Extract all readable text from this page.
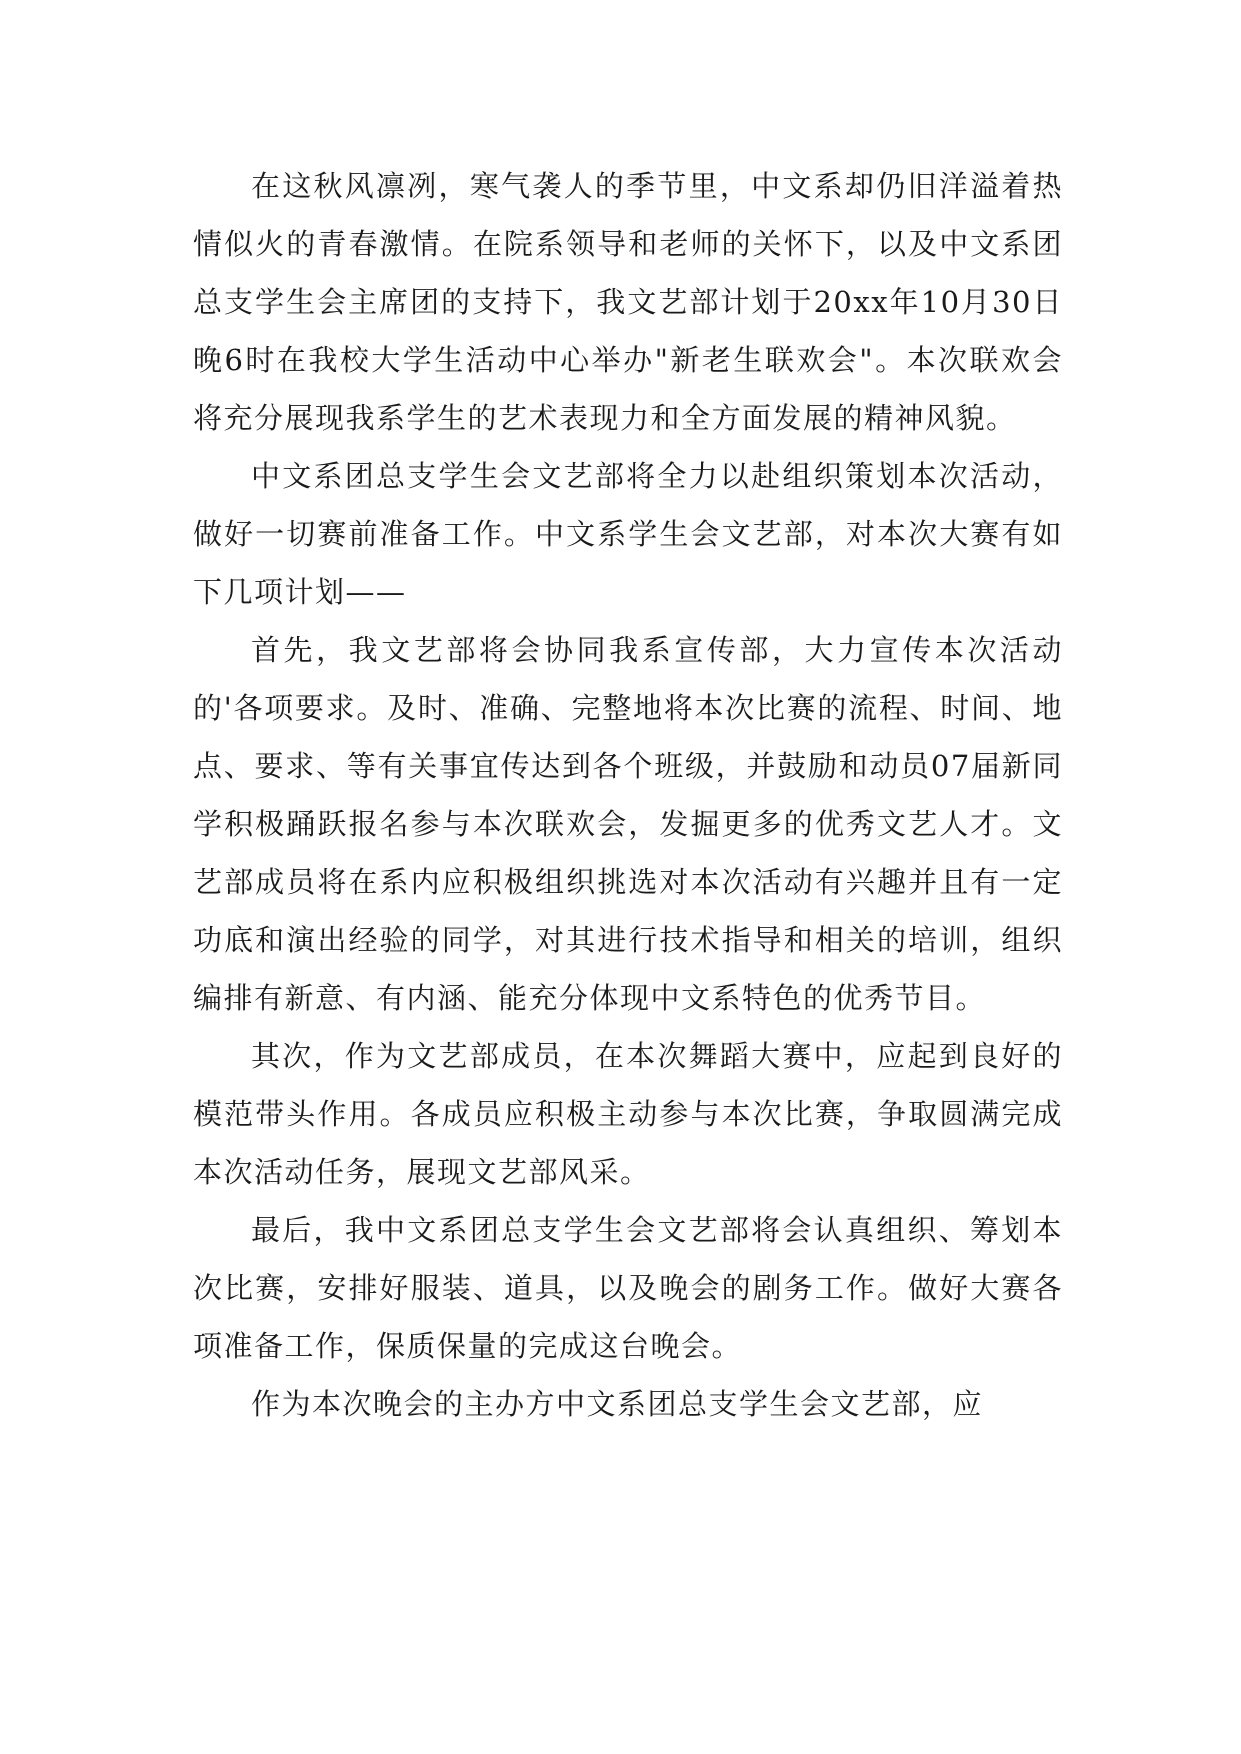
在这秋风凛冽，寒气袭人的季节里，中文系却仍旧洋溢着热情似火的青春激情。在院系领导和老师的关怀下，以及中文系团总支学生会主席团的支持下，我文艺部计划于20xx年10月30日晚6时在我校大学生活动中心举办"新老生联欢会"。本次联欢会将充分展现我系学生的艺术表现力和全方面发展的精神风貌。

中文系团总支学生会文艺部将全力以赴组织策划本次活动，做好一切赛前准备工作。中文系学生会文艺部，对本次大赛有如下几项计划——

首先，我文艺部将会协同我系宣传部，大力宣传本次活动的'各项要求。及时、准确、完整地将本次比赛的流程、时间、地点、要求、等有关事宜传达到各个班级，并鼓励和动员07届新同学积极踊跃报名参与本次联欢会，发掘更多的优秀文艺人才。文艺部成员将在系内应积极组织挑选对本次活动有兴趣并且有一定功底和演出经验的同学，对其进行技术指导和相关的培训，组织编排有新意、有内涵、能充分体现中文系特色的优秀节目。

其次，作为文艺部成员，在本次舞蹈大赛中，应起到良好的模范带头作用。各成员应积极主动参与本次比赛，争取圆满完成本次活动任务，展现文艺部风采。

最后，我中文系团总支学生会文艺部将会认真组织、筹划本次比赛，安排好服装、道具，以及晚会的剧务工作。做好大赛各项准备工作，保质保量的完成这台晚会。

作为本次晚会的主办方中文系团总支学生会文艺部，应
